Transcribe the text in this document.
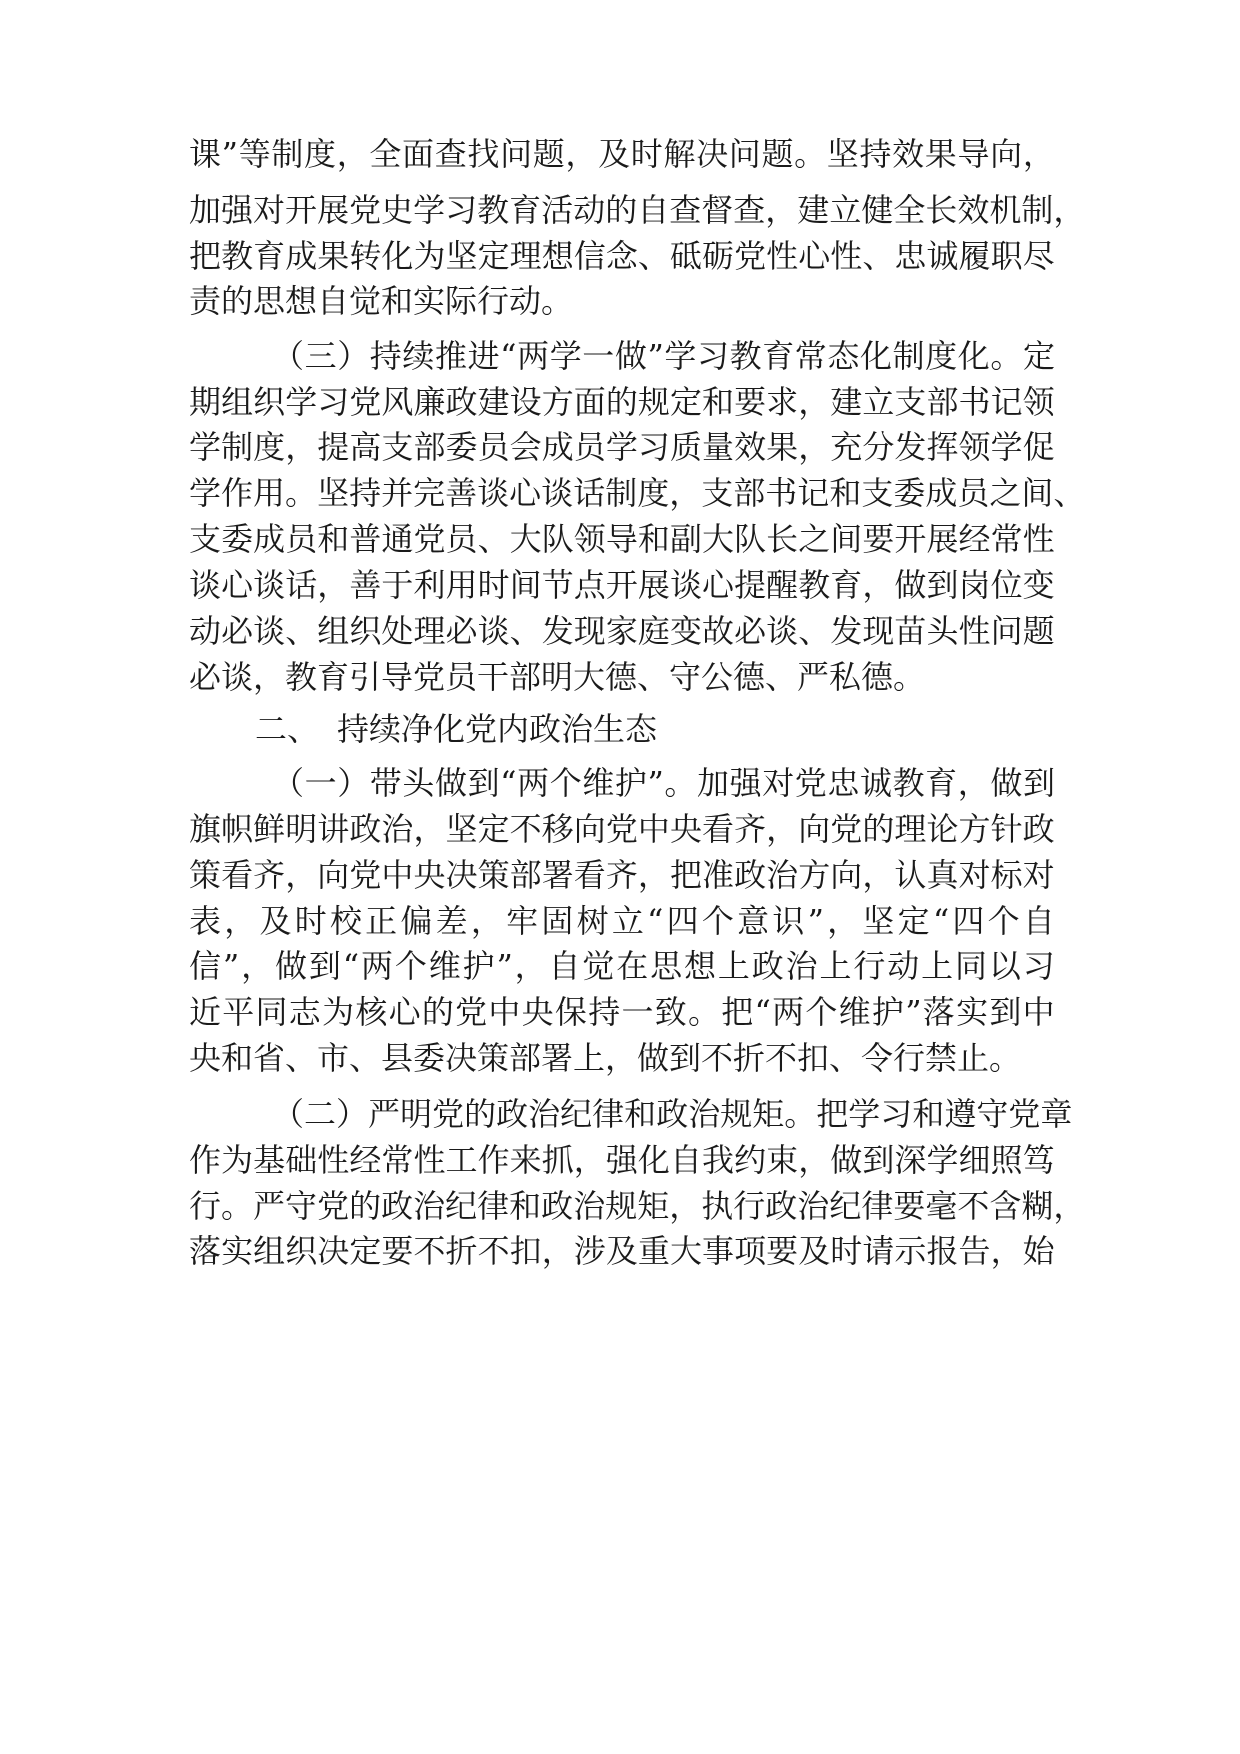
课 ” 等 制 度 ， 全 面 查 找 问 题 ， 及 时 解 决 问 题 。 坚 持 效 果 导 向 ，
加 强 对 开 展 党 史 学 习 教 育 活 动 的 自 查 督 查 ， 建 立 健 全 长 效 机 制 ，
把 教 育 成 果 转 化 为 坚 定 理 想 信 念 、 砥 砺 党 性 心 性 、 忠 诚 履 职 尽
责的思想自觉和实际行动。
（ 三 ） 持 续 推 进 “ 两 学 一 做 ” 学 习 教 育 常 态 化 制 度 化 。 定
期 组 织 学 习 党 风 廉 政 建 设 方 面 的 规 定 和 要 求 ， 建 立 支 部 书 记 领
学 制 度 ， 提 高 支 部 委 员 会 成 员 学 习 质 量 效 果 ， 充 分 发 挥 领 学 促
学 作 用 。 坚 持 并 完 善 谈 心 谈 话 制 度 ， 支 部 书 记 和 支 委 成 员 之 间 、
支 委 成 员 和 普 通 党 员 、 大 队 领 导 和 副 大 队 长 之 间 要 开 展 经 常 性
谈 心 谈 话 ， 善 于 利 用 时 间 节 点 开 展 谈 心 提 醒 教 育 ， 做 到 岗 位 变
动 必 谈 、 组 织 处 理 必 谈 、 发 现 家 庭 变 故 必 谈 、 发 现 苗 头 性 问 题
必谈，教育引导党员干部明大德、守公德、严私德。
二、 持续净化党内政治生态
（ 一 ） 带 头 做 到 “ 两 个 维 护 ” 。 加 强 对 党 忠 诚 教 育 ， 做 到
旗 帜 鲜 明 讲 政 治 ， 坚 定 不 移 向 党 中 央 看 齐 ， 向 党 的 理 论 方 针 政
策 看 齐 ， 向 党 中 央 决 策 部 署 看 齐 ， 把 准 政 治 方 向 ， 认 真 对 标 对
表 ， 及 时 校 正 偏 差 ， 牢 固 树 立 “ 四 个 意 识 ” ， 坚 定 “ 四 个 自
信 ” ， 做 到 “ 两 个 维 护 ” ， 自 觉 在 思 想 上 政 治 上 行 动 上 同 以 习
近 平 同 志 为 核 心 的 党 中 央 保 持 一 致 。 把 “ 两 个 维 护 ” 落 实 到 中
央和省、市、县委决策部署上，做到不折不扣、令行禁止。
（ 二 ） 严 明 党 的 政 治 纪 律 和 政 治 规 矩 。 把 学 习 和 遵 守 党 章
作 为 基 础 性 经 常 性 工 作 来 抓 ， 强 化 自 我 约 束 ， 做 到 深 学 细 照 笃
行 。 严 守 党 的 政 治 纪 律 和 政 治 规 矩 ， 执 行 政 治 纪 律 要 毫 不 含 糊 ，
落 实 组 织 决 定 要 不 折 不 扣 ， 涉 及 重 大 事 项 要 及 时 请 示 报 告 ， 始
